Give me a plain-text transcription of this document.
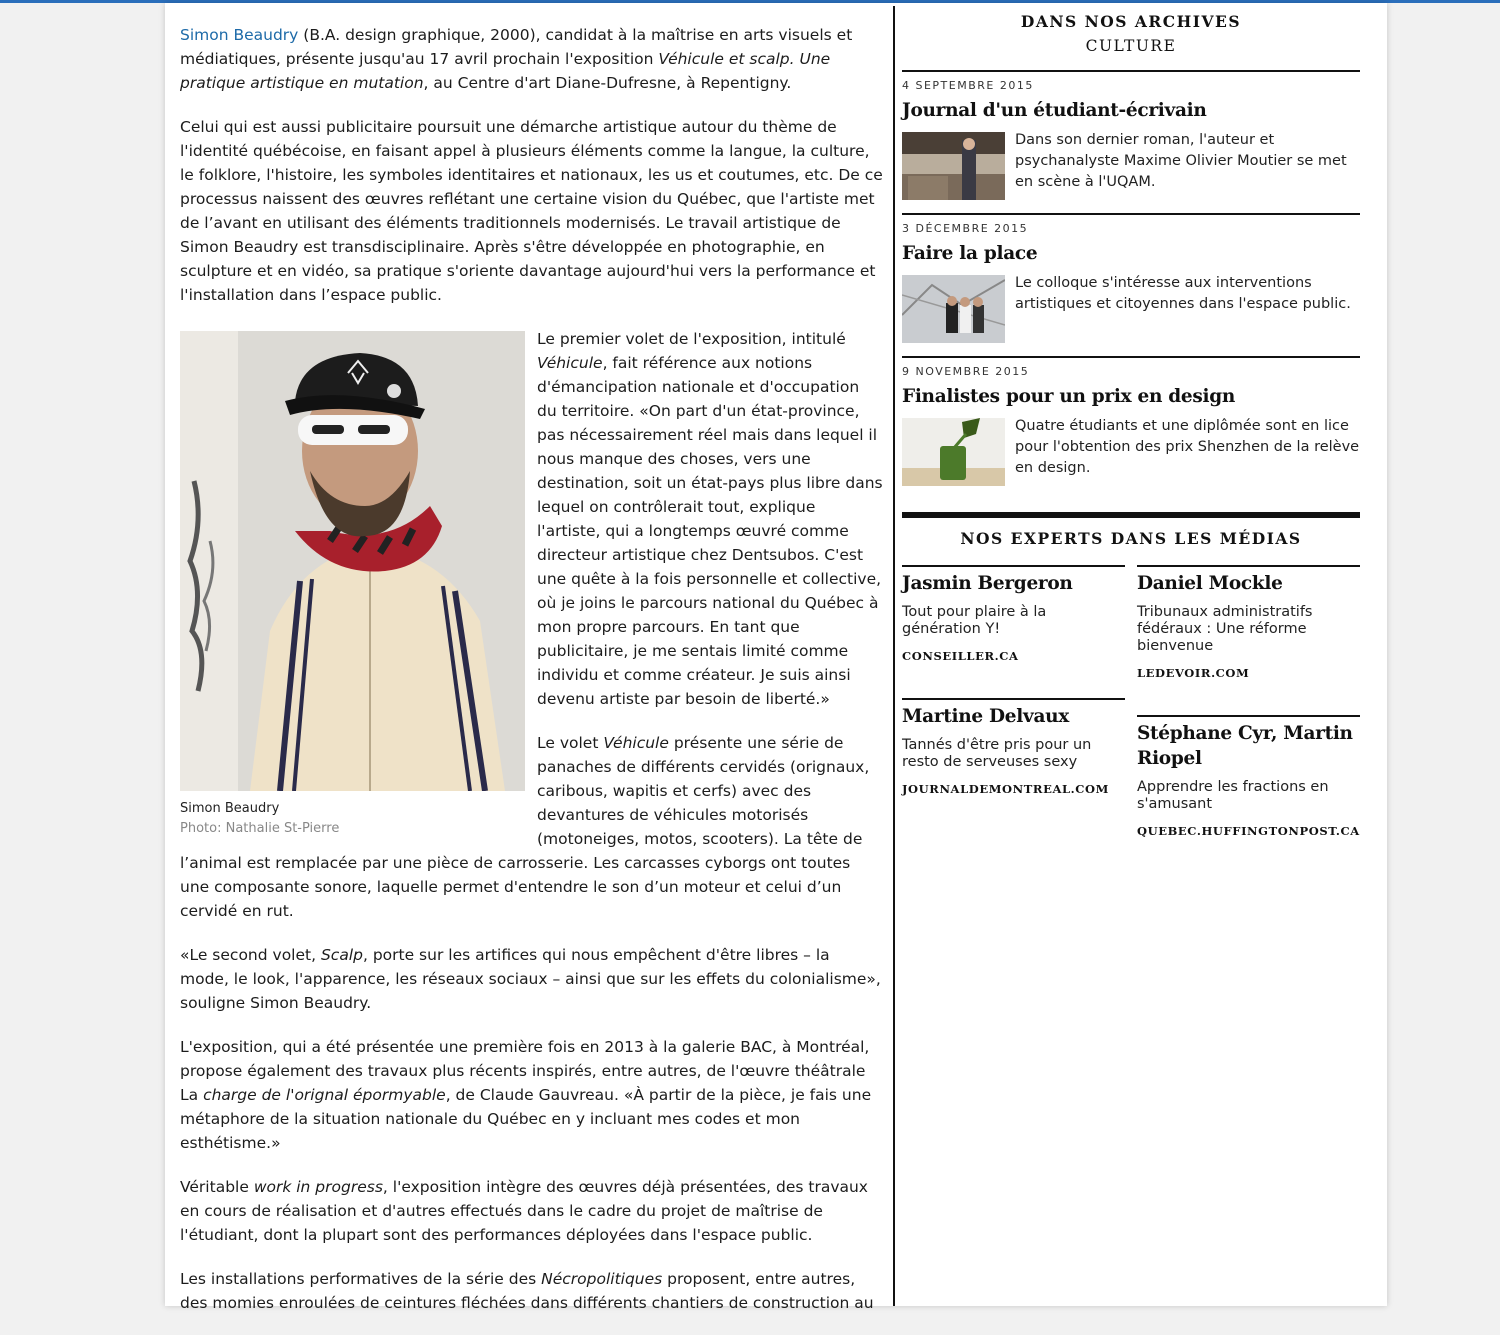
Simon Beaudry (B.A. design graphique, 2000), candidat à la maîtrise en arts visuels et médiatiques, présente jusqu'au 17 avril prochain l'exposition Véhicule et scalp. Une pratique artistique en mutation, au Centre d'art Diane-Dufresne, à Repentigny.

Celui qui est aussi publicitaire poursuit une démarche artistique autour du thème de l'identité québécoise, en faisant appel à plusieurs éléments comme la langue, la culture, le folklore, l'histoire, les symboles identitaires et nationaux, les us et coutumes, etc. De ce processus naissent des œuvres reflétant une certaine vision du Québec, que l'artiste met de l’avant en utilisant des éléments traditionnels modernisés. Le travail artistique de Simon Beaudry est transdisciplinaire. Après s'être développée en photographie, en sculpture et en vidéo, sa pratique s'oriente davantage aujourd'hui vers la performance et l'installation dans l’espace public.

Simon Beaudry
Photo: Nathalie St-Pierre

Le premier volet de l'exposition, intitulé Véhicule, fait référence aux notions d'émancipation nationale et d'occupation du territoire. «On part d'un état-province, pas nécessairement réel mais dans lequel il nous manque des choses, vers une destination, soit un état-pays plus libre dans lequel on contrôlerait tout, explique l'artiste, qui a longtemps œuvré comme directeur artistique chez Dentsubos. C'est une quête à la fois personnelle et collective, où je joins le parcours national du Québec à mon propre parcours. En tant que publicitaire, je me sentais limité comme individu et comme créateur. Je suis ainsi devenu artiste par besoin de liberté.»

Le volet Véhicule présente une série de panaches de différents cervidés (orignaux, caribous, wapitis et cerfs) avec des devantures de véhicules motorisés (motoneiges, motos, scooters). La tête de l’animal est remplacée par une pièce de carrosserie. Les carcasses cyborgs ont toutes une composante sonore, laquelle permet d'entendre le son d’un moteur et celui d’un cervidé en rut.

«Le second volet, Scalp, porte sur les artifices qui nous empêchent d'être libres – la mode, le look, l'apparence, les réseaux sociaux – ainsi que sur les effets du colonialisme», souligne Simon Beaudry.

L'exposition, qui a été présentée une première fois en 2013 à la galerie BAC, à Montréal, propose également des travaux plus récents inspirés, entre autres, de l'œuvre théâtrale La charge de l'orignal épormyable, de Claude Gauvreau. «À partir de la pièce, je fais une métaphore de la situation nationale du Québec en y incluant mes codes et mon esthétisme.»

Véritable work in progress, l'exposition intègre des œuvres déjà présentées, des travaux en cours de réalisation et d'autres effectués dans le cadre du projet de maîtrise de l'étudiant, dont la plupart sont des performances déployées dans l'espace public.

Les installations performatives de la série des Nécropolitiques proposent, entre autres, des momies enroulées de ceintures fléchées dans différents chantiers de construction au

DANS NOS ARCHIVES
CULTURE
4 SEPTEMBRE 2015
Journal d'un étudiant-écrivain
Dans son dernier roman, l'auteur et psychanalyste Maxime Olivier Moutier se met en scène à l'UQAM.
3 DÉCEMBRE 2015
Faire la place
Le colloque s'intéresse aux interventions artistiques et citoyennes dans l'espace public.
9 NOVEMBRE 2015
Finalistes pour un prix en design
Quatre étudiants et une diplômée sont en lice pour l'obtention des prix Shenzhen de la relève en design.
NOS EXPERTS DANS LES MÉDIAS
Jasmin Bergeron
Tout pour plaire à la génération Y!
CONSEILLER.CA
Martine Delvaux
Tannés d'être pris pour un resto de serveuses sexy
JOURNALDEMONTREAL.COM
Daniel Mockle
Tribunaux administratifs fédéraux : Une réforme bienvenue
LEDEVOIR.COM
Stéphane Cyr, Martin Riopel
Apprendre les fractions en s'amusant
QUEBEC.HUFFINGTONPOST.CA
